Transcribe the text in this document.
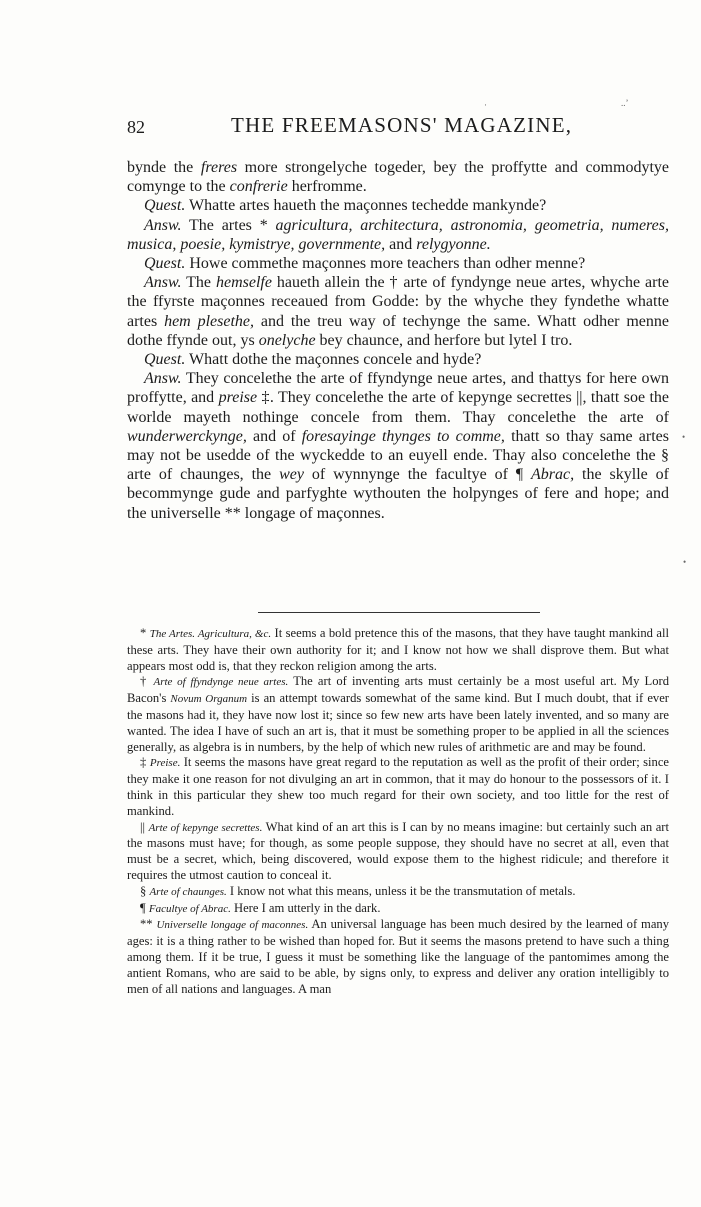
·	..’
•
•
82	THE FREEMASONS' MAGAZINE,

bynde the freres more strongelyche togeder, bey the proffytte and commodytye comynge to the confrerie herfromme.

Quest. Whatte artes haueth the maçonnes techedde mankynde?

Answ. The artes * agricultura, architectura, astronomia, geometria, numeres, musica, poesie, kymistrye, governmente, and relygyonne.

Quest. Howe commethe maçonnes more teachers than odher menne?

Answ. The hemselfe haueth allein the † arte of fyndynge neue artes, whyche arte the ffyrste maçonnes receaued from Godde: by the whyche they fyndethe whatte artes hem plesethe, and the treu way of techynge the same. Whatt odher menne dothe ffynde out, ys onelyche bey chaunce, and herfore but lytel I tro.

Quest. Whatt dothe the maçonnes concele and hyde?

Answ. They concelethe the arte of ffyndynge neue artes, and thattys for here own proffytte, and preise ‡. They concelethe the arte of kepynge secrettes ||, thatt soe the worlde mayeth nothinge concele from them. Thay concelethe the arte of wunderwerckynge, and of foresayinge thynges to comme, thatt so thay same artes may not be usedde of the wyckedde to an euyell ende. Thay also concelethe the § arte of chaunges, the wey of wynnynge the facultye of ¶ Abrac, the skylle of becommynge gude and parfyghte wythouten the holpynges of fere and hope; and the universelle ** longage of maçonnes.

* The Artes. Agricultura, &c. It seems a bold pretence this of the masons, that they have taught mankind all these arts. They have their own authority for it; and I know not how we shall disprove them. But what appears most odd is, that they reckon religion among the arts.

† Arte of ffyndynge neue artes. The art of inventing arts must certainly be a most useful art. My Lord Bacon's Novum Organum is an attempt towards somewhat of the same kind. But I much doubt, that if ever the masons had it, they have now lost it; since so few new arts have been lately invented, and so many are wanted. The idea I have of such an art is, that it must be something proper to be applied in all the sciences generally, as algebra is in numbers, by the help of which new rules of arithmetic are and may be found.

‡ Preise. It seems the masons have great regard to the reputation as well as the profit of their order; since they make it one reason for not divulging an art in common, that it may do honour to the possessors of it. I think in this particular they shew too much regard for their own society, and too little for the rest of mankind.

|| Arte of kepynge secrettes. What kind of an art this is I can by no means imagine: but certainly such an art the masons must have; for though, as some people suppose, they should have no secret at all, even that must be a secret, which, being discovered, would expose them to the highest ridicule; and therefore it requires the utmost caution to conceal it.

§ Arte of chaunges. I know not what this means, unless it be the transmutation of metals.

¶ Facultye of Abrac. Here I am utterly in the dark.

** Universelle longage of maconnes. An universal language has been much desired by the learned of many ages: it is a thing rather to be wished than hoped for. But it seems the masons pretend to have such a thing among them. If it be true, I guess it must be something like the language of the pantomimes among the antient Romans, who are said to be able, by signs only, to express and deliver any oration intelligibly to men of all nations and languages. A man
